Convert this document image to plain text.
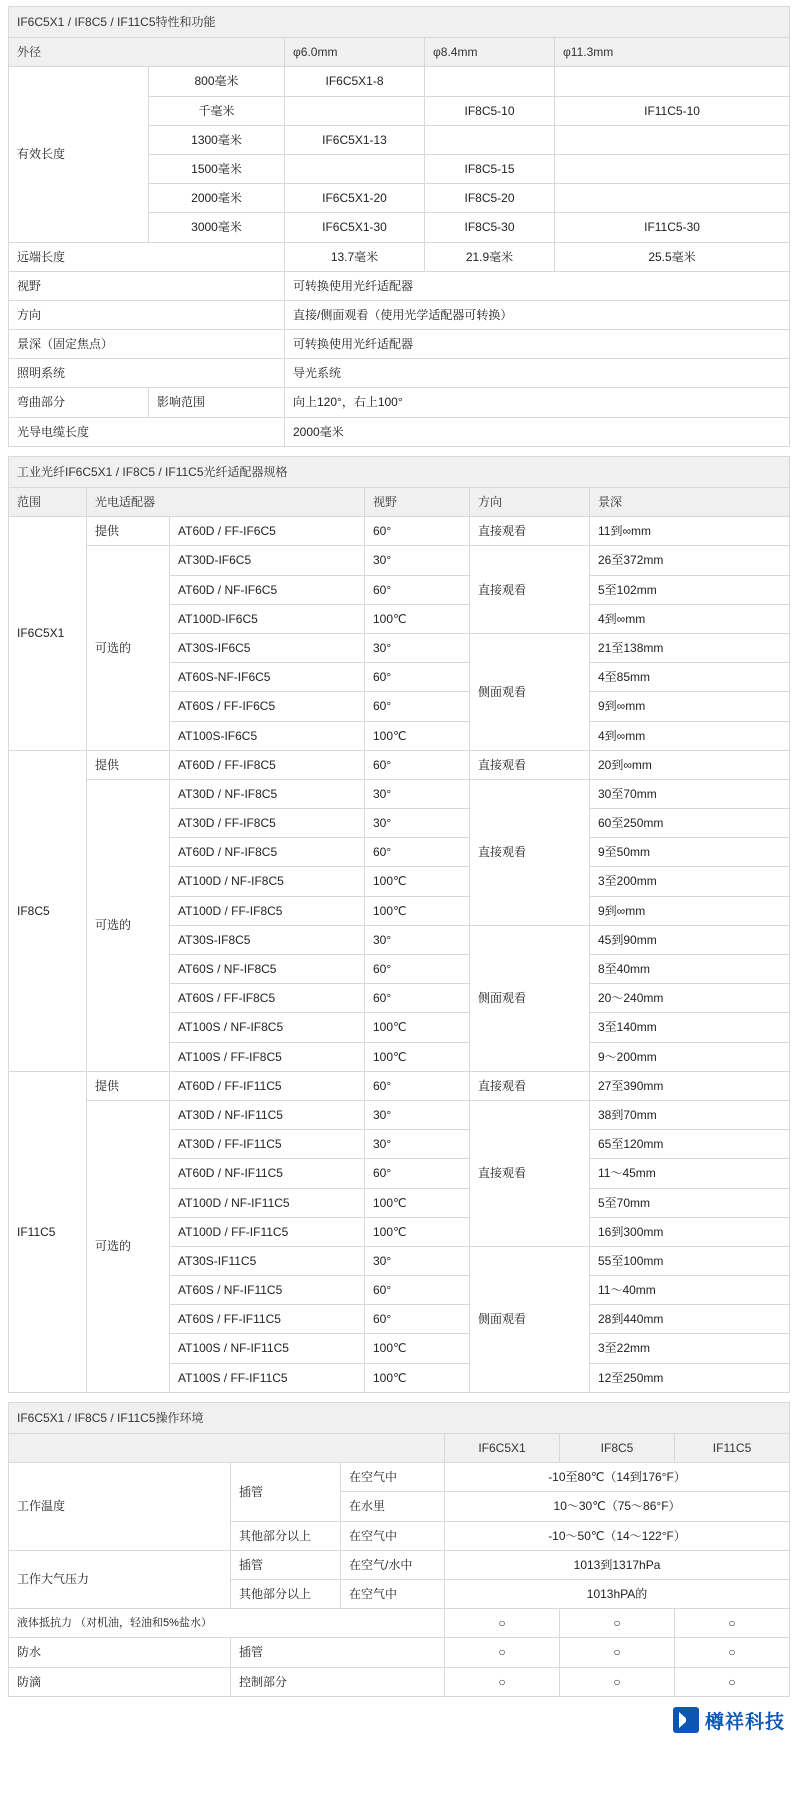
IF6C5X1 / IF8C5 / IF11C5特性和功能				
外径		φ6.0mm	φ8.4mm	φ11.3mm
有效长度	800毫米	IF6C5X1-8		
	千毫米		IF8C5-10	IF11C5-10
	1300毫米	IF6C5X1-13		
	1500毫米		IF8C5-15	
	2000毫米	IF6C5X1-20	IF8C5-20	
	3000毫米	IF6C5X1-30	IF8C5-30	IF11C5-30
远端长度		13.7毫米	21.9毫米	25.5毫米
视野		可转换使用光纤适配器		
方向		直接/侧面观看（使用光学适配器可转换）		
景深（固定焦点）		可转换使用光纤适配器		
照明系统		导光系统		
弯曲部分	影响范围	向上120°，右上100°		
光导电缆长度		2000毫米		
工业光纤IF6C5X1 / IF8C5 / IF11C5光纤适配器规格					
范围	光电适配器		视野	方向	景深
IF6C5X1	提供	AT60D / FF-IF6C5	60°	直接观看	11到∞mm
	可选的	AT30D-IF6C5	30°	直接观看	26至372mm
		AT60D / NF-IF6C5	60°		5至102mm
		AT100D-IF6C5	100℃		4到∞mm
		AT30S-IF6C5	30°	侧面观看	21至138mm
		AT60S-NF-IF6C5	60°		4至85mm
		AT60S / FF-IF6C5	60°		9到∞mm
		AT100S-IF6C5	100℃		4到∞mm
IF8C5	提供	AT60D / FF-IF8C5	60°	直接观看	20到∞mm
	可选的	AT30D / NF-IF8C5	30°	直接观看	30至70mm
		AT30D / FF-IF8C5	30°		60至250mm
		AT60D / NF-IF8C5	60°		9至50mm
		AT100D / NF-IF8C5	100℃		3至200mm
		AT100D / FF-IF8C5	100℃		9到∞mm
		AT30S-IF8C5	30°	侧面观看	45到90mm
		AT60S / NF-IF8C5	60°		8至40mm
		AT60S / FF-IF8C5	60°		20〜240mm
		AT100S / NF-IF8C5	100℃		3至140mm
		AT100S / FF-IF8C5	100℃		9〜200mm
IF11C5	提供	AT60D / FF-IF11C5	60°	直接观看	27至390mm
	可选的	AT30D / NF-IF11C5	30°	直接观看	38到70mm
		AT30D / FF-IF11C5	30°		65至120mm
		AT60D / NF-IF11C5	60°		11〜45mm
		AT100D / NF-IF11C5	100℃		5至70mm
		AT100D / FF-IF11C5	100℃		16到300mm
		AT30S-IF11C5	30°	侧面观看	55至100mm
		AT60S / NF-IF11C5	60°		11〜40mm
		AT60S / FF-IF11C5	60°		28到440mm
		AT100S / NF-IF11C5	100℃		3至22mm
		AT100S / FF-IF11C5	100℃		12至250mm
IF6C5X1 / IF8C5 / IF11C5操作环境					
			IF6C5X1	IF8C5	IF11C5
工作温度	插管	在空气中	-10至80℃（14到176°F）		
		在水里	10〜30℃（75〜86°F）		
	其他部分以上	在空气中	-10〜50℃（14〜122°F）		
工作大气压力	插管	在空气/水中	1013到1317hPa		
	其他部分以上	在空气中	1013hPA的		
液体抵抗力 （对机油，轻油和5%盐水）			○	○	○
防水	插管		○	○	○
防滴	控制部分		○	○	○
樽祥科技
